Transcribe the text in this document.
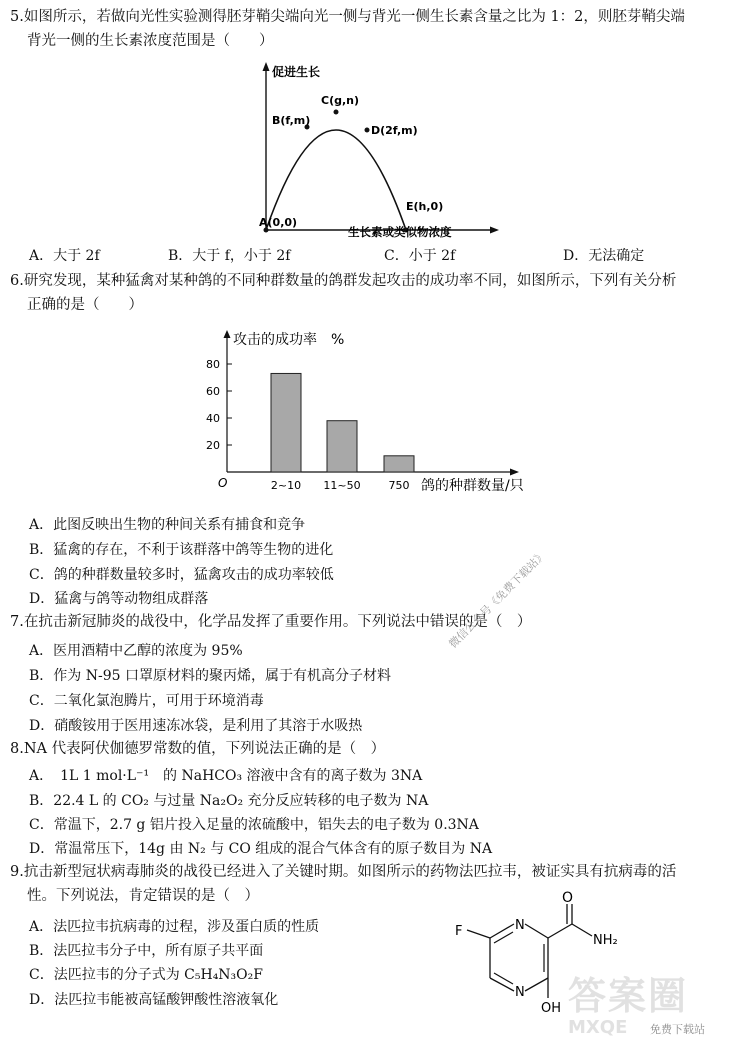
5.如图所示，若做向光性实验测得胚芽鞘尖端向光一侧与背光一侧生长素含量之比为 1：2，则胚芽鞘尖端
背光一侧的生长素浓度范围是（　　）
促进生长
生长素或类似物浓度
A(0,0)
B(f,m)
C(g,n)
D(2f,m)
E(h,0)
A．大于 2f	B．大于 f，小于 2f	C．小于 2f	D．无法确定
6.研究发现，某种猛禽对某种鸽的不同种群数量的鸽群发起攻击的成功率不同，如图所示，下列有关分析
正确的是（　　）
攻击的成功率　%
O	鸽的种群数量/只
20
40
60
80
2~10 11~50	750
A．此图反映出生物的种间关系有捕食和竞争
B．猛禽的存在，不利于该群落中鸽等生物的进化
C．鸽的种群数量较多时，猛禽攻击的成功率较低
D．猛禽与鸽等动物组成群落
7.在抗击新冠肺炎的战役中，化学品发挥了重要作用。下列说法中错误的是（　）
A．医用酒精中乙醇的浓度为 95%
B．作为 N-95 口罩原材料的聚丙烯，属于有机高分子材料
C．二氧化氯泡腾片，可用于环境消毒
D．硝酸铵用于医用速冻冰袋，是利用了其溶于水吸热
8.NA 代表阿伏伽德罗常数的值，下列说法正确的是（　）
A．　1L 1 mol·L⁻¹　的 NaHCO₃ 溶液中含有的离子数为 3NA
B．22.4 L 的 CO₂ 与过量 Na₂O₂ 充分反应转移的电子数为 NA
C．常温下，2.7 g 铝片投入足量的浓硫酸中，铝失去的电子数为 0.3NA
D．常温常压下，14g 由 N₂ 与 CO 组成的混合气体含有的原子数目为 NA
9.抗击新型冠状病毒肺炎的战役已经进入了关键时期。如图所示的药物法匹拉韦，被证实具有抗病毒的活
性。下列说法，肯定错误的是（　）
A．法匹拉韦抗病毒的过程，涉及蛋白质的性质
B．法匹拉韦分子中，所有原子共平面
C．法匹拉韦的分子式为 C₅H₄N₃O₂F
D．法匹拉韦能被高锰酸钾酸性溶液氧化
O
NH₂
F	N
N
OH
微信公众号《免费下载站》
答案圈
MXQE 免费下载站
